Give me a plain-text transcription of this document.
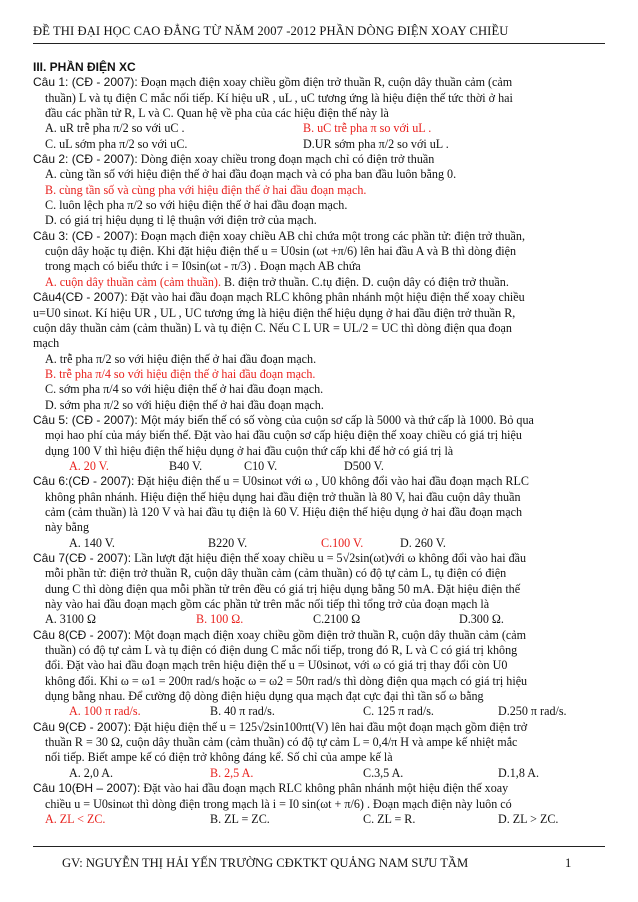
ĐỀ THI ĐẠI HỌC CAO ĐẲNG TỪ NĂM 2007 -2012 PHẦN DÒNG ĐIỆN XOAY CHIỀU
III. PHẦN ĐIỆN XC
Câu 1: (CĐ - 2007): Đoạn mạch điện xoay chiều gồm điện trở thuần R, cuộn dây thuần cảm (cảm
thuần) L và tụ điện C mắc nối tiếp. Kí hiệu uR , uL , uC tương ứng là hiệu điện thế tức thời ở hai
đầu các phần tử R, L và C. Quan hệ về pha của các hiệu điện thế này là
A. uR trễ pha π/2 so với uC .	B. uC trễ pha π so với uL .
C. uL sớm pha π/2 so với uC.	D.UR sớm pha π/2 so với uL .
Câu 2: (CĐ - 2007): Dòng điện xoay chiều trong đoạn mạch chỉ có điện trở thuần
A. cùng tần số với hiệu điện thế ở hai đầu đoạn mạch và có pha ban đầu luôn bằng 0.
B. cùng tần số và cùng pha với hiệu điện thế ở hai đầu đoạn mạch.
C. luôn lệch pha π/2 so với hiệu điện thế ở hai đầu đoạn mạch.
D. có giá trị hiệu dụng tỉ lệ thuận với điện trở của mạch.
Câu 3: (CĐ - 2007): Đoạn mạch điện xoay chiều AB chỉ chứa một trong các phần tử: điện trở thuần,
cuộn dây hoặc tụ điện. Khi đặt hiệu điện thế u = U0sin (ωt +π/6) lên hai đầu A và B thì dòng điện
trong mạch có biểu thức i = I0sin(ωt - π/3) . Đoạn mạch AB chứa
A. cuộn dây thuần cảm (cảm thuần). B. điện trở thuần. C.tụ điện. D. cuộn dây có điện trở thuần.
Câu4(CĐ - 2007): Đặt vào hai đầu đoạn mạch RLC không phân nhánh một hiệu điện thế xoay chiều
u=U0 sinωt. Kí hiệu UR , UL , UC tương ứng là hiệu điện thế hiệu dụng ở hai đầu điện trở thuần R,
cuộn dây thuần cảm (cảm thuần) L và tụ điện C. Nếu C L UR = UL/2 = UC thì dòng điện qua đoạn
mạch
A. trễ pha π/2 so với hiệu điện thế ở hai đầu đoạn mạch.
B. trễ pha π/4 so với hiệu điện thế ở hai đầu đoạn mạch.
C. sớm pha π/4 so với hiệu điện thế ở hai đầu đoạn mạch.
D. sớm pha π/2 so với hiệu điện thế ở hai đầu đoạn mạch.
Câu 5: (CĐ - 2007): Một máy biến thế có số vòng của cuộn sơ cấp là 5000 và thứ cấp là 1000. Bỏ qua
mọi hao phí của máy biến thế. Đặt vào hai đầu cuộn sơ cấp hiệu điện thế xoay chiều có giá trị hiệu
dụng 100 V thì hiệu điện thế hiệu dụng ở hai đầu cuộn thứ cấp khi để hở có giá trị là
A. 20 V.	B40 V.	C10 V.	D500 V.
Câu 6:(CĐ - 2007): Đặt hiệu điện thế u = U0sinωt với ω , U0 không đổi vào hai đầu đoạn mạch RLC
không phân nhánh. Hiệu điện thế hiệu dụng hai đầu điện trở thuần là 80 V, hai đầu cuộn dây thuần
cảm (cảm thuần) là 120 V và hai đầu tụ điện là 60 V. Hiệu điện thế hiệu dụng ở hai đầu đoạn mạch
này bằng
A. 140 V.	B220 V.	C.100 V.	D. 260 V.
Câu 7(CĐ - 2007): Lần lượt đặt hiệu điện thế xoay chiều u = 5√2sin(ωt)với ω không đổi vào hai đầu
mỗi phần tử: điện trở thuần R, cuộn dây thuần cảm (cảm thuần) có độ tự cảm L, tụ điện có điện
dung C thì dòng điện qua mỗi phần tử trên đều có giá trị hiệu dụng bằng 50 mA. Đặt hiệu điện thế
này vào hai đầu đoạn mạch gồm các phần tử trên mắc nối tiếp thì tổng trở của đoạn mạch là
A. 3100 Ω	B. 100 Ω.	C.2100 Ω	D.300 Ω.
Câu 8(CĐ - 2007): Một đoạn mạch điện xoay chiều gồm điện trở thuần R, cuộn dây thuần cảm (cảm
thuần) có độ tự cảm L và tụ điện có điện dung C mắc nối tiếp, trong đó R, L và C có giá trị không
đổi. Đặt vào hai đầu đoạn mạch trên hiệu điện thế u = U0sinωt, với ω có giá trị thay đổi còn U0
không đổi. Khi ω = ω1 = 200π rad/s hoặc ω = ω2 = 50π rad/s thì dòng điện qua mạch có giá trị hiệu
dụng bằng nhau. Để cường độ dòng điện hiệu dụng qua mạch đạt cực đại thì tần số ω bằng
A. 100 π rad/s.	B. 40 π rad/s.	C. 125 π rad/s.	D.250 π rad/s.
Câu 9(CĐ - 2007): Đặt hiệu điện thế u = 125√2sin100πt(V) lên hai đầu một đoạn mạch gồm điện trở
thuần R = 30 Ω, cuộn dây thuần cảm (cảm thuần) có độ tự cảm L = 0,4/π H và ampe kế nhiệt mắc
nối tiếp. Biết ampe kế có điện trở không đáng kể. Số chỉ của ampe kế là
A. 2,0 A.	B. 2,5 A.	C.3,5 A.	D.1,8 A.
Câu 10(ĐH – 2007): Đặt vào hai đầu đoạn mạch RLC không phân nhánh một hiệu điện thế xoay
chiều u = U0sinωt thì dòng điện trong mạch là i = I0 sin(ωt + π/6) . Đoạn mạch điện này luôn có
A. ZL < ZC.	B. ZL = ZC.	C. ZL = R.	D. ZL > ZC.
GV: NGUYỄN THỊ HẢI YẾN TRƯỜNG CĐKTKT QUẢNG NAM SƯU TẦM	1
